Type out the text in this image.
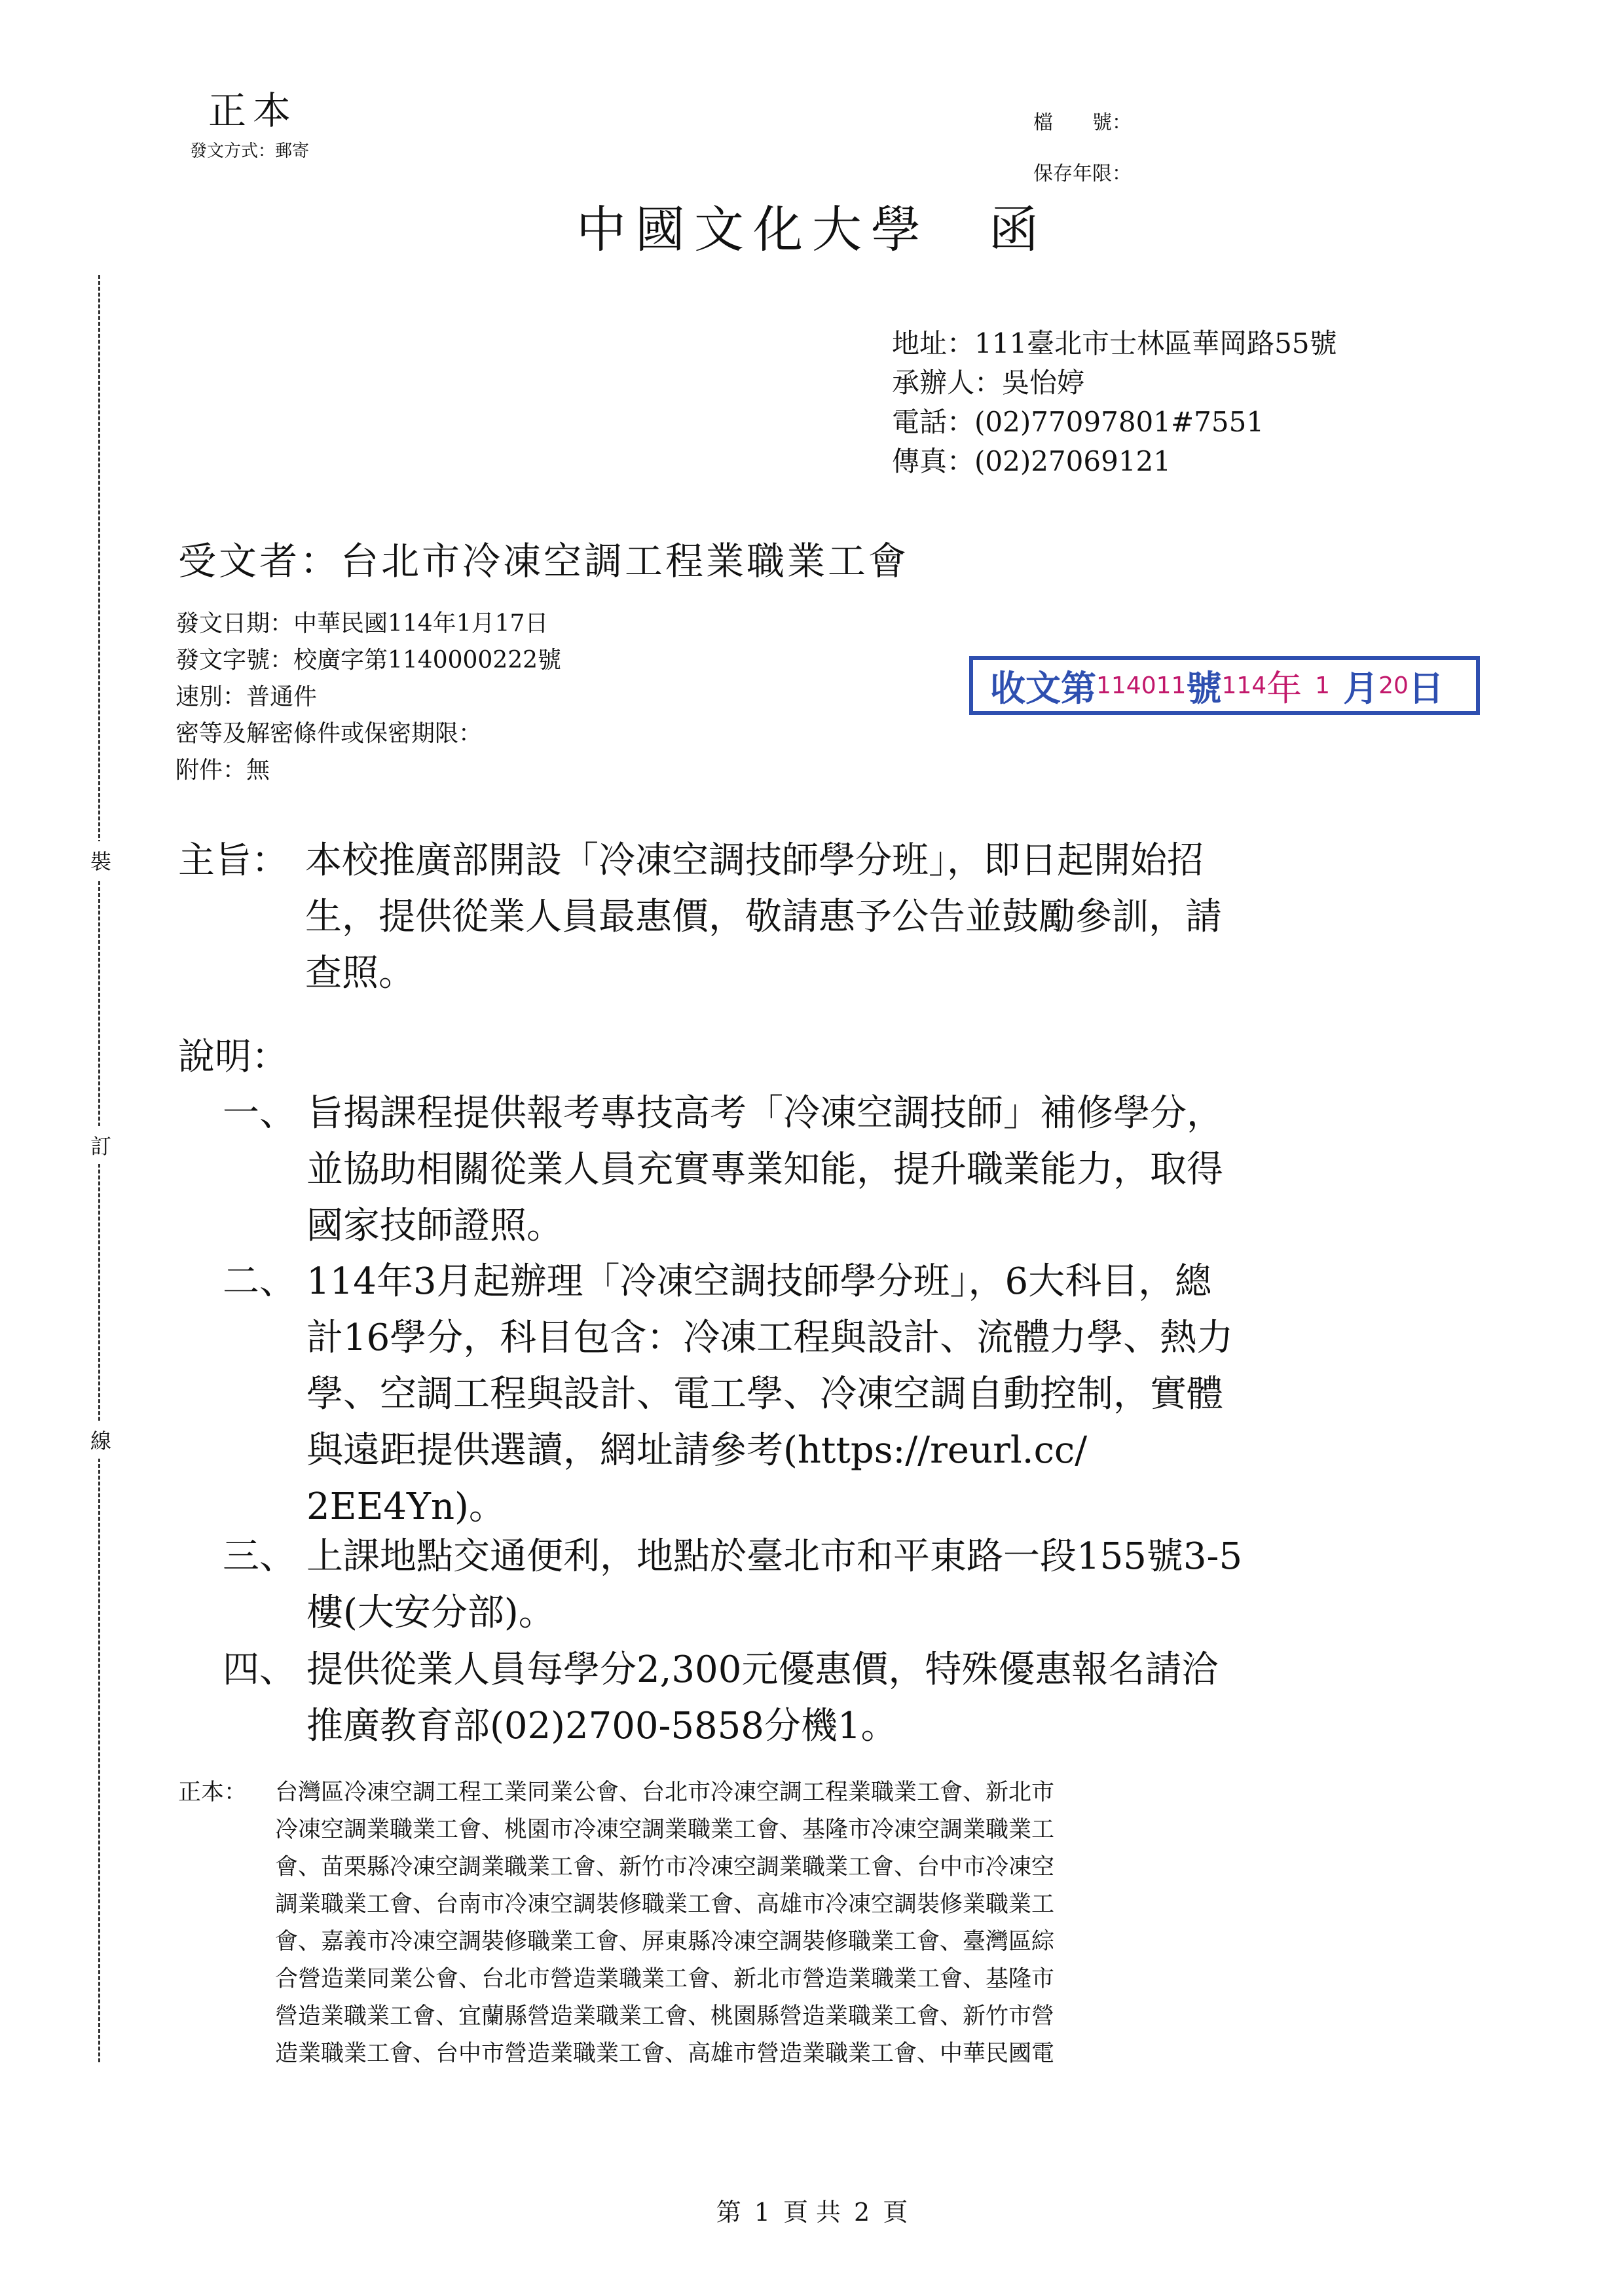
正本
發文方式：郵寄
檔　　號：
保存年限：
中國文化大學　函
地址：111臺北市士林區華岡路55號
承辦人：吳怡婷
電話：(02)77097801#7551
傳真：(02)27069121
受文者：台北市冷凍空調工程業職業工會
發文日期：中華民國114年1月17日
發文字號：校廣字第1140000222號
速別：普通件
密等及解密條件或保密期限：
附件：無
收文第 114011 號 114 年 1 月 20 日
主旨： 本校推廣部開設「冷凍空調技師學分班」，即日起開始招
生，提供從業人員最惠價，敬請惠予公告並鼓勵參訓，請
查照。
說明：
一、 旨揭課程提供報考專技高考「冷凍空調技師」補修學分，
並協助相關從業人員充實專業知能，提升職業能力，取得
國家技師證照。
二、 114年3月起辦理「冷凍空調技師學分班」，6大科目，總
計16學分，科目包含：冷凍工程與設計、流體力學、熱力
學、空調工程與設計、電工學、冷凍空調自動控制，實體
與遠距提供選讀，網址請參考(https://reurl.cc/
2EE4Yn)。
三、 上課地點交通便利，地點於臺北市和平東路一段155號3-5
樓(大安分部)。
四、 提供從業人員每學分2,300元優惠價，特殊優惠報名請洽
推廣教育部(02)2700-5858分機1。
正本： 台灣區冷凍空調工程工業同業公會、台北市冷凍空調工程業職業工會、新北市
冷凍空調業職業工會、桃園市冷凍空調業職業工會、基隆市冷凍空調業職業工
會、苗栗縣冷凍空調業職業工會、新竹市冷凍空調業職業工會、台中市冷凍空
調業職業工會、台南市冷凍空調裝修職業工會、高雄市冷凍空調裝修業職業工
會、嘉義市冷凍空調裝修職業工會、屏東縣冷凍空調裝修職業工會、臺灣區綜
合營造業同業公會、台北市營造業職業工會、新北市營造業職業工會、基隆市
營造業職業工會、宜蘭縣營造業職業工會、桃園縣營造業職業工會、新竹市營
造業職業工會、台中市營造業職業工會、高雄市營造業職業工會、中華民國電
裝
訂
線
第 1 頁 共 2 頁
